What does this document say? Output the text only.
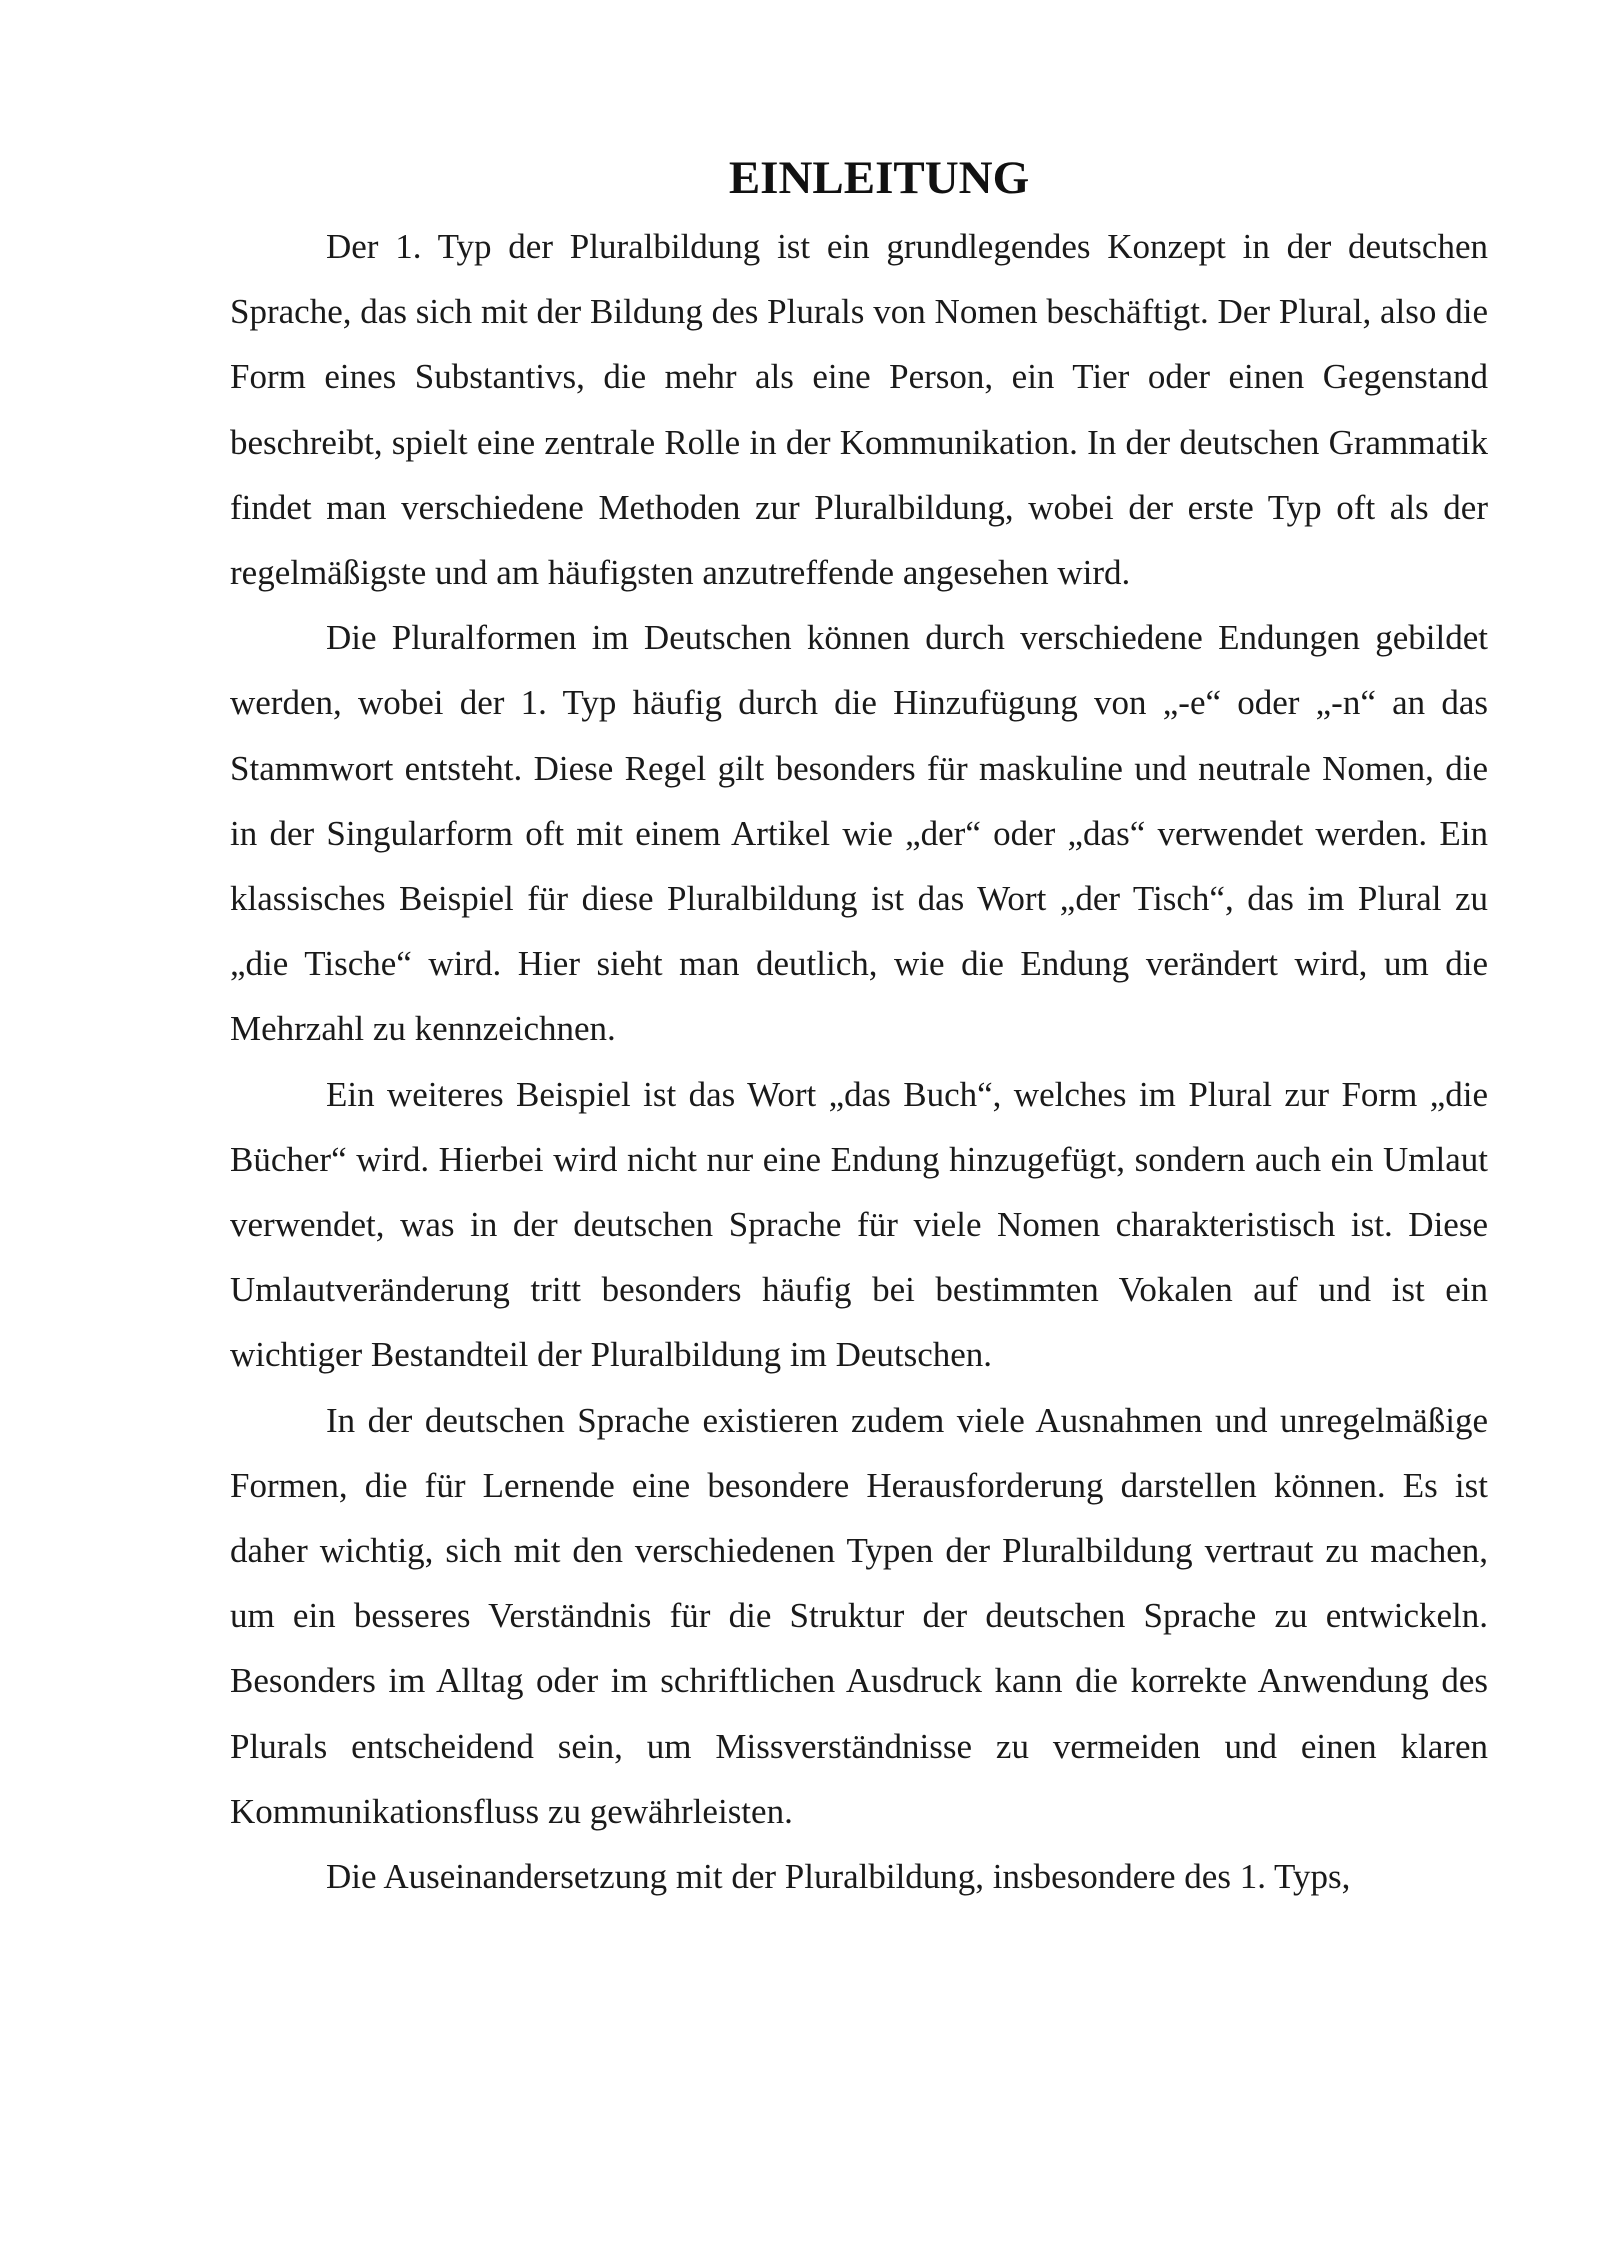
EINLEITUNG

Der 1. Typ der Pluralbildung ist ein grundlegendes Konzept in der deutschen Sprache, das sich mit der Bildung des Plurals von Nomen beschäftigt. Der Plural, also die Form eines Substantivs, die mehr als eine Person, ein Tier oder einen Gegenstand beschreibt, spielt eine zentrale Rolle in der Kommunikation. In der deutschen Grammatik findet man verschiedene Methoden zur Pluralbildung, wobei der erste Typ oft als der regelmäßigste und am häufigsten anzutreffende angesehen wird.

Die Pluralformen im Deutschen können durch verschiedene Endungen gebildet werden, wobei der 1. Typ häufig durch die Hinzufügung von „-e“ oder „-n“ an das Stammwort entsteht. Diese Regel gilt besonders für maskuline und neutrale Nomen, die in der Singularform oft mit einem Artikel wie „der“ oder „das“ verwendet werden. Ein klassisches Beispiel für diese Pluralbildung ist das Wort „der Tisch“, das im Plural zu „die Tische“ wird. Hier sieht man deutlich, wie die Endung verändert wird, um die Mehrzahl zu kennzeichnen.

Ein weiteres Beispiel ist das Wort „das Buch“, welches im Plural zur Form „die Bücher“ wird. Hierbei wird nicht nur eine Endung hinzugefügt, sondern auch ein Umlaut verwendet, was in der deutschen Sprache für viele Nomen charakteristisch ist. Diese Umlautveränderung tritt besonders häufig bei bestimmten Vokalen auf und ist ein wichtiger Bestandteil der Pluralbildung im Deutschen.

In der deutschen Sprache existieren zudem viele Ausnahmen und unregelmäßige Formen, die für Lernende eine besondere Herausforderung darstellen können. Es ist daher wichtig, sich mit den verschiedenen Typen der Pluralbildung vertraut zu machen, um ein besseres Verständnis für die Struktur der deutschen Sprache zu entwickeln. Besonders im Alltag oder im schriftlichen Ausdruck kann die korrekte Anwendung des Plurals entscheidend sein, um Missverständnisse zu vermeiden und einen klaren Kommunikationsfluss zu gewährleisten.

Die Auseinandersetzung mit der Pluralbildung, insbesondere des 1. Typs,
